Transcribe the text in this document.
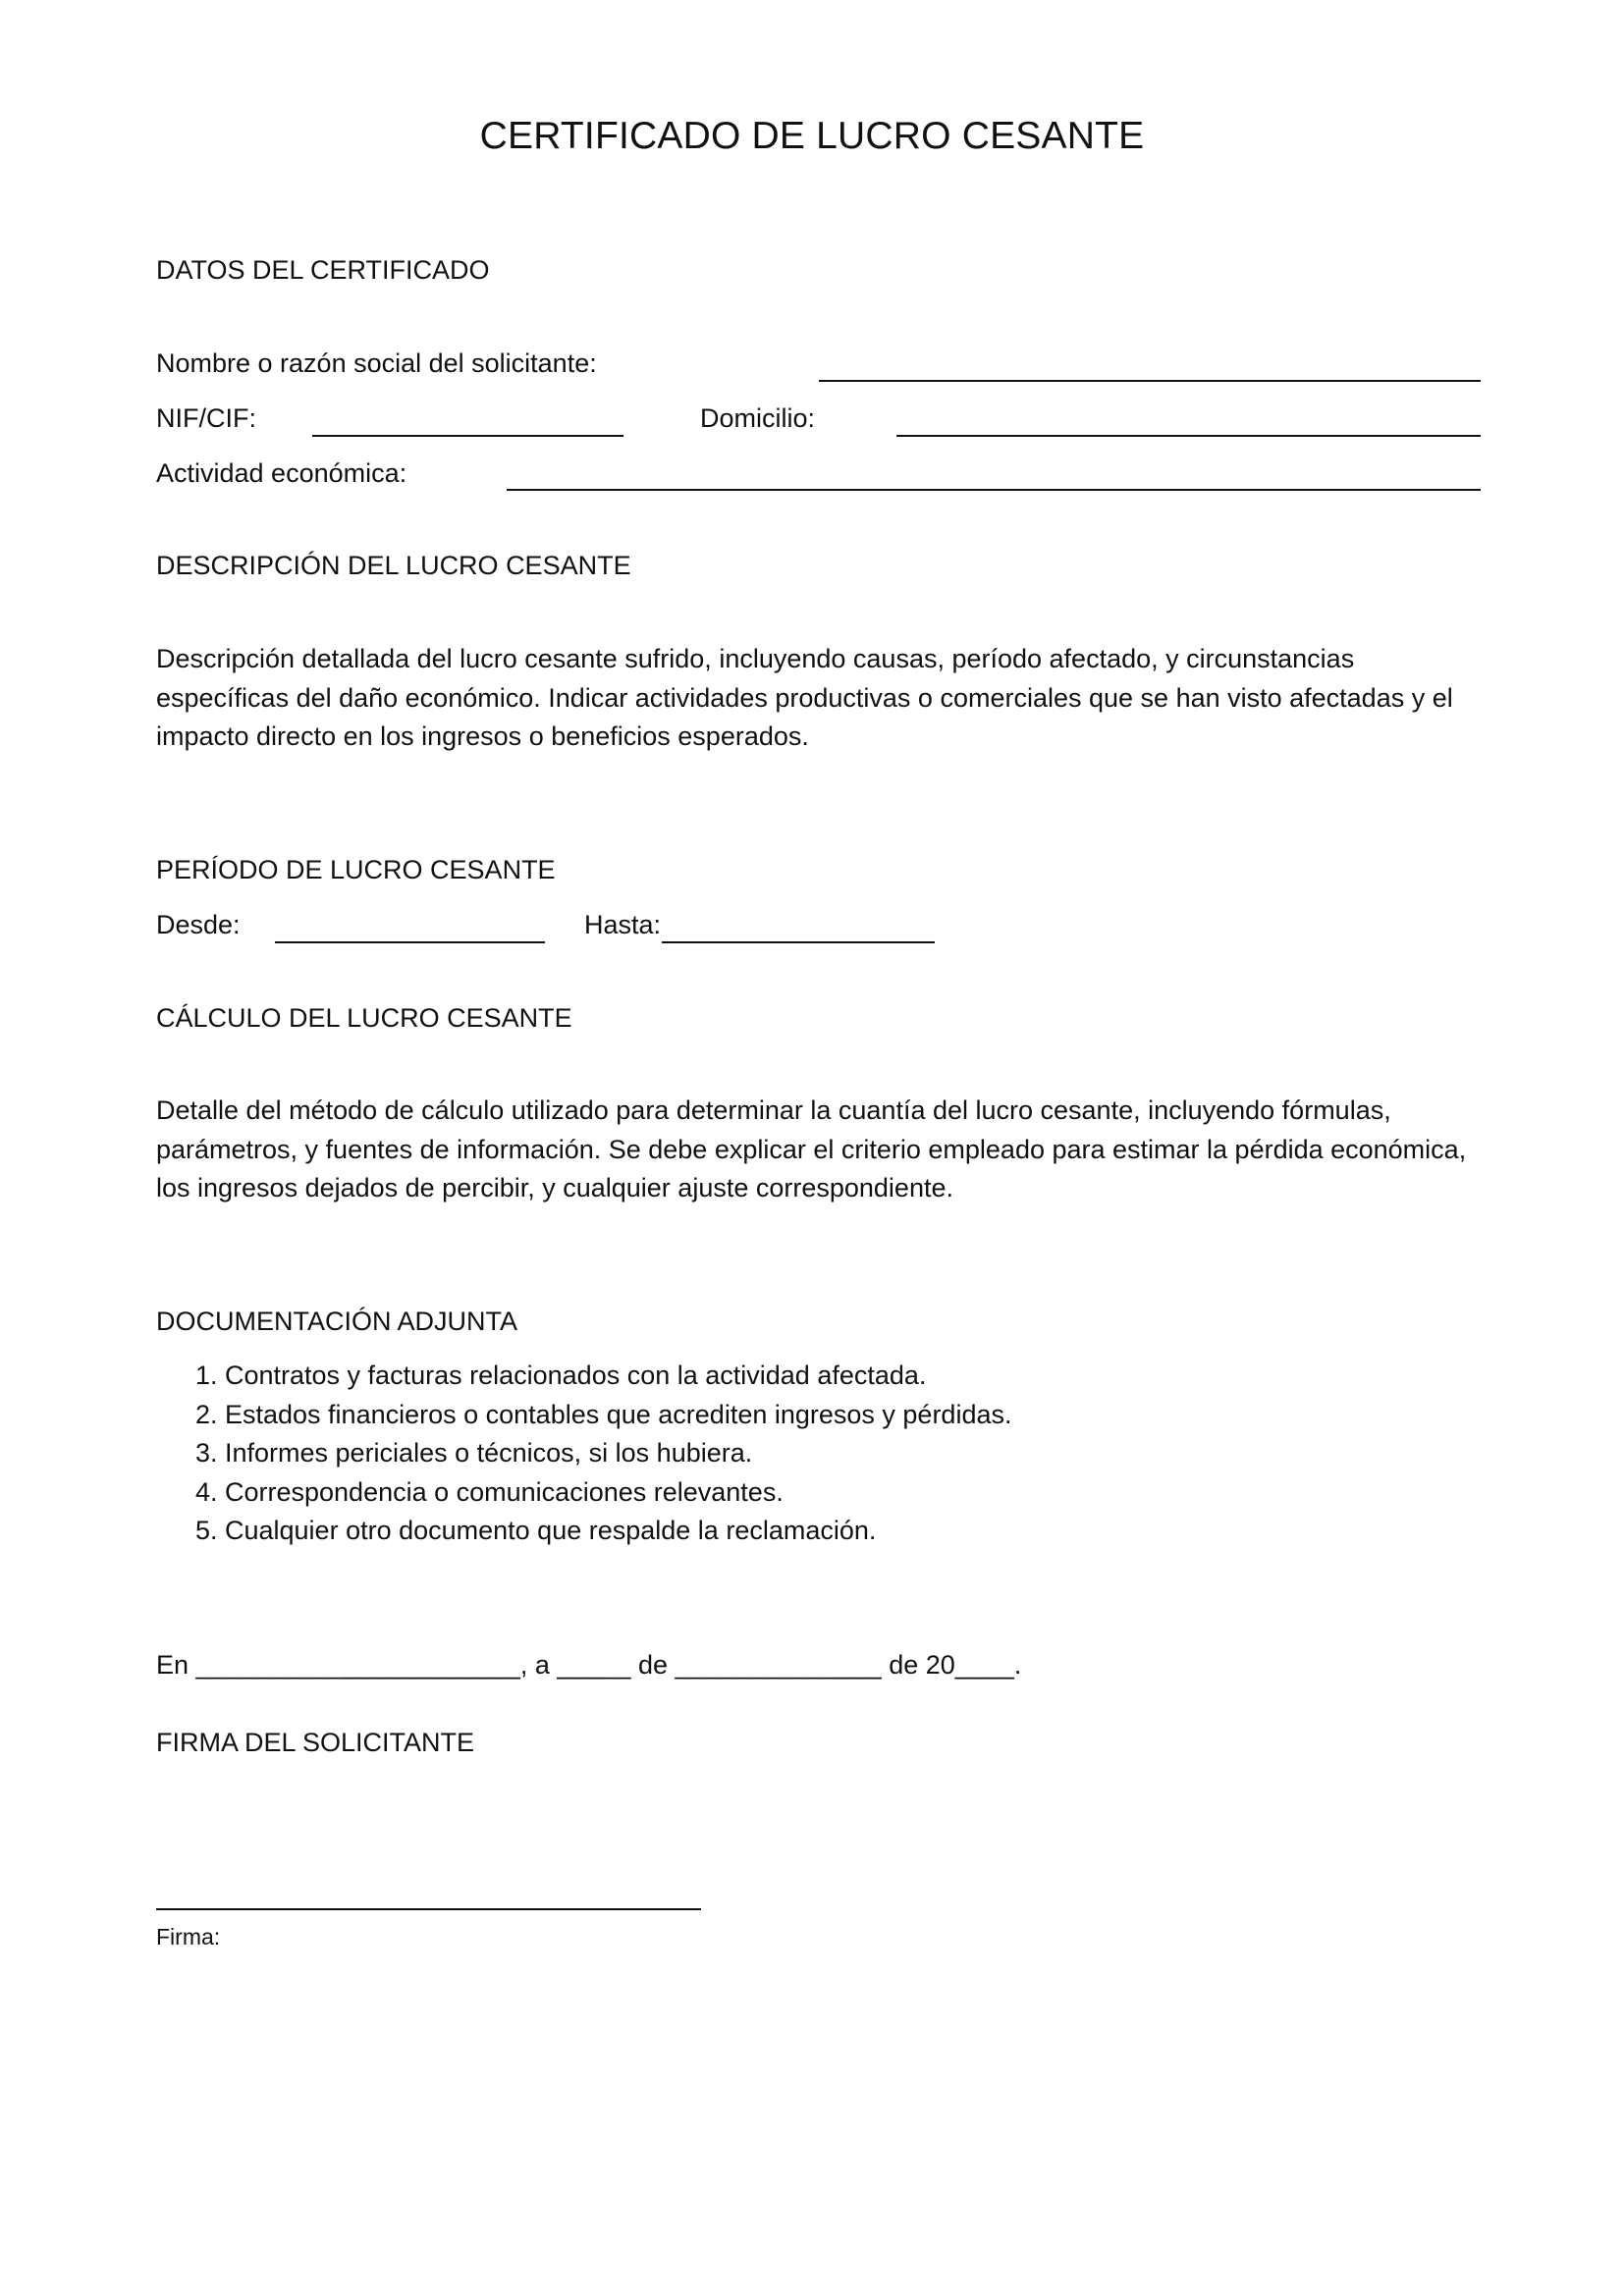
CERTIFICADO DE LUCRO CESANTE
DATOS DEL CERTIFICADO
Nombre o razón social del solicitante:
NIF/CIF:	Domicilio:
Actividad económica:
DESCRIPCIÓN DEL LUCRO CESANTE
Descripción detallada del lucro cesante sufrido, incluyendo causas, período afectado, y circunstancias específicas del daño económico. Indicar actividades productivas o comerciales que se han visto afectadas y el impacto directo en los ingresos o beneficios esperados.
PERÍODO DE LUCRO CESANTE
Desde:	Hasta:
CÁLCULO DEL LUCRO CESANTE
Detalle del método de cálculo utilizado para determinar la cuantía del lucro cesante, incluyendo fórmulas, parámetros, y fuentes de información. Se debe explicar el criterio empleado para estimar la pérdida económica, los ingresos dejados de percibir, y cualquier ajuste correspondiente.
DOCUMENTACIÓN ADJUNTA
1. Contratos y facturas relacionados con la actividad afectada.
2. Estados financieros o contables que acrediten ingresos y pérdidas.
3. Informes periciales o técnicos, si los hubiera.
4. Correspondencia o comunicaciones relevantes.
5. Cualquier otro documento que respalde la reclamación.
En ______________________, a _____ de ______________ de 20____.
FIRMA DEL SOLICITANTE
Firma:
